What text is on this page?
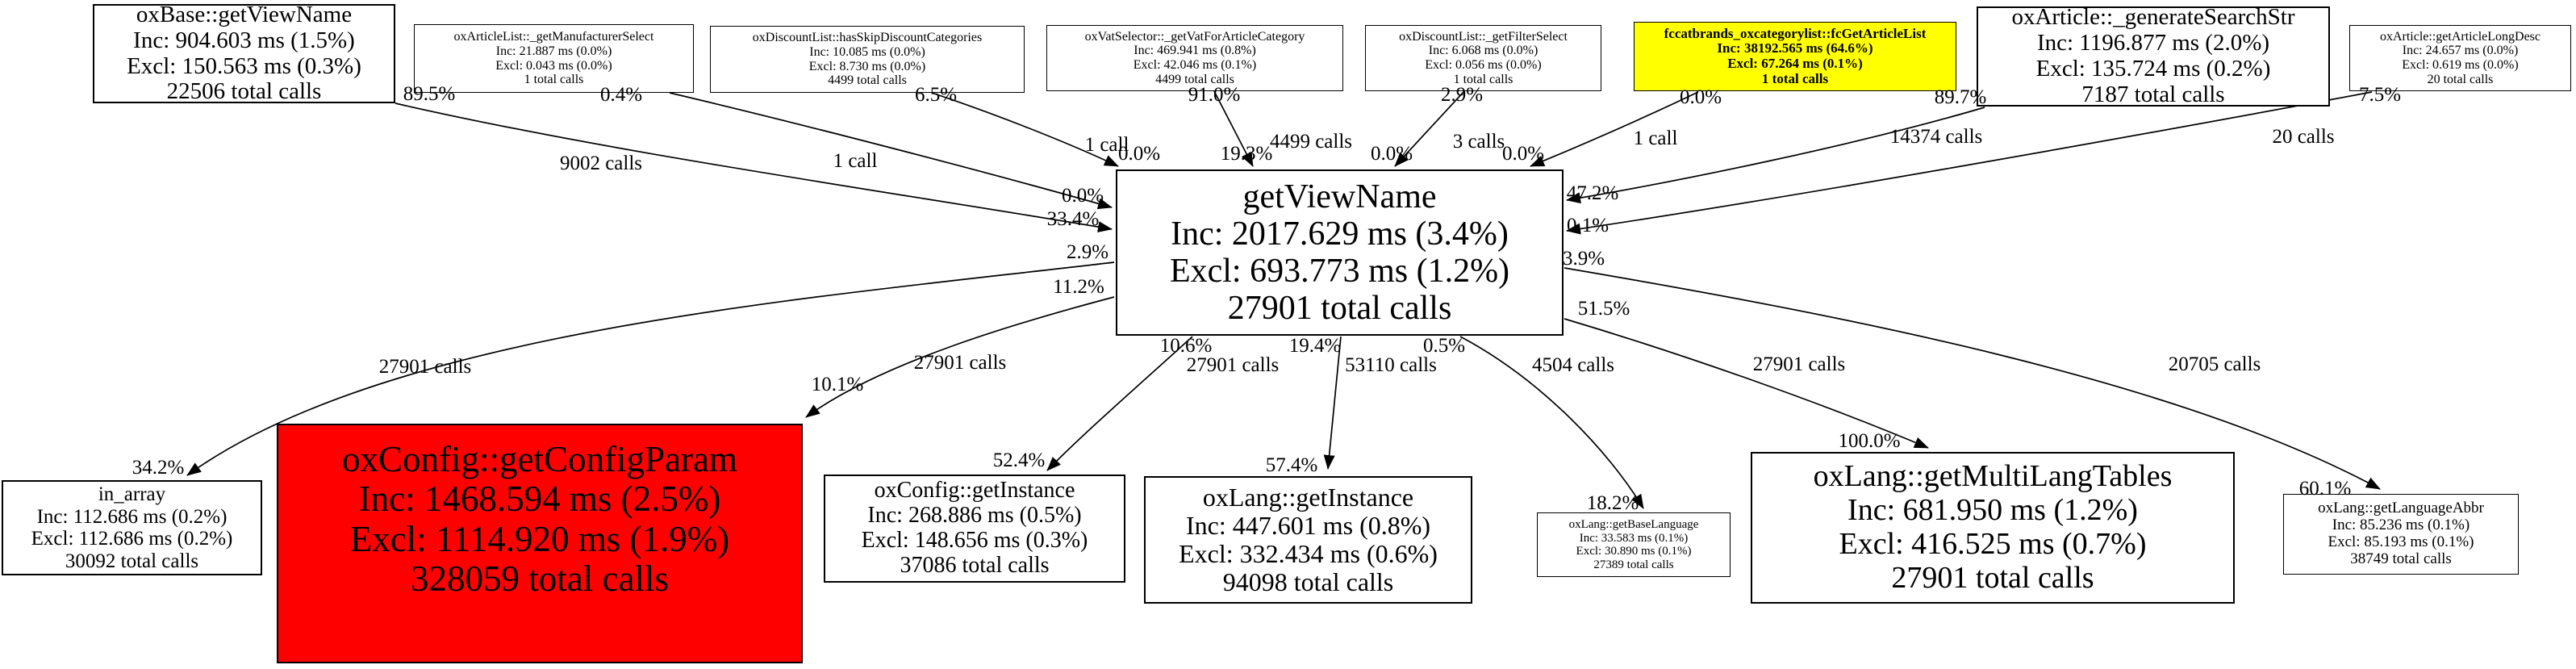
oxBase::getViewName
Inc: 904.603 ms (1.5%)
Excl: 150.563 ms (0.3%)
22506 total calls
oxArticleList::_getManufacturerSelect
Inc: 21.887 ms (0.0%)
Excl: 0.043 ms (0.0%)
1 total calls
oxDiscountList::hasSkipDiscountCategories
Inc: 10.085 ms (0.0%)
Excl: 8.730 ms (0.0%)
4499 total calls
oxVatSelector::_getVatForArticleCategory
Inc: 469.941 ms (0.8%)
Excl: 42.046 ms (0.1%)
4499 total calls
oxDiscountList::_getFilterSelect
Inc: 6.068 ms (0.0%)
Excl: 0.056 ms (0.0%)
1 total calls
fccatbrands_oxcategorylist::fcGetArticleList
Inc: 38192.565 ms (64.6%)
Excl: 67.264 ms (0.1%)
1 total calls
oxArticle::_generateSearchStr
Inc: 1196.877 ms (2.0%)
Excl: 135.724 ms (0.2%)
7187 total calls
oxArticle::getArticleLongDesc
Inc: 24.657 ms (0.0%)
Excl: 0.619 ms (0.0%)
20 total calls
getViewName
Inc: 2017.629 ms (3.4%)
Excl: 693.773 ms (1.2%)
27901 total calls
in_array
Inc: 112.686 ms (0.2%)
Excl: 112.686 ms (0.2%)
30092 total calls
oxConfig::getConfigParam
Inc: 1468.594 ms (2.5%)
Excl: 1114.920 ms (1.9%)
328059 total calls
oxConfig::getInstance
Inc: 268.886 ms (0.5%)
Excl: 148.656 ms (0.3%)
37086 total calls
oxLang::getInstance
Inc: 447.601 ms (0.8%)
Excl: 332.434 ms (0.6%)
94098 total calls
oxLang::getBaseLanguage
Inc: 33.583 ms (0.1%)
Excl: 30.890 ms (0.1%)
27389 total calls
oxLang::getMultiLangTables
Inc: 681.950 ms (1.2%)
Excl: 416.525 ms (0.7%)
27901 total calls
oxLang::getLanguageAbbr
Inc: 85.236 ms (0.1%)
Excl: 85.193 ms (0.1%)
38749 total calls
89.5%	0.4%	6.5%	91.0%	2.9%	0.0%	89.7%	7.5%
2.9%
11.2%
10.6%	19.4%	0.5%
51.5%
3.9%
9002 calls	1 call
1 call	4499 calls	3 calls	1 call	14374 calls	20 calls
27901 calls	27901 calls	27901 calls	53110 calls	4504 calls	27901 calls	20705 calls
33.4%
0.0%
0.0%	19.3%	0.0%	0.0%
47.2%
0.1%
34.2%
10.1%
52.4%	57.4%
18.2%
100.0%
60.1%
